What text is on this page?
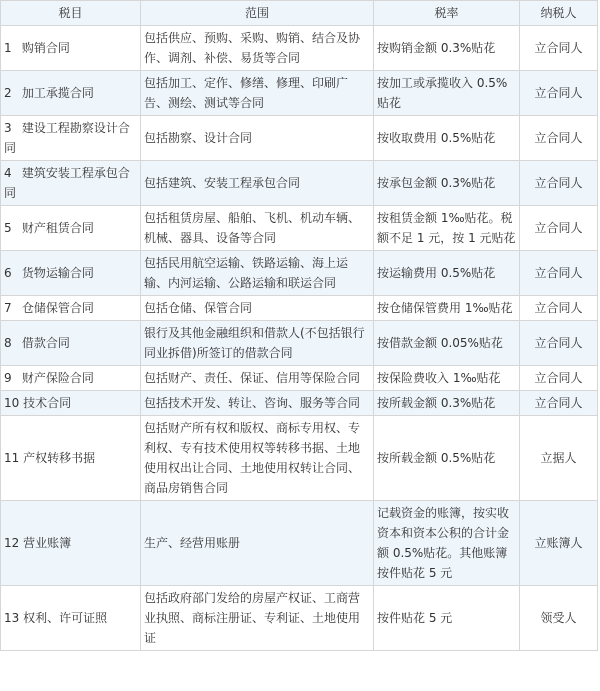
税目	范围	税率	纳税人
1 购销合同	包括供应、预购、采购、购销、结合及协作、调剂、补偿、易货等合同	按购销金额 0.3%贴花	立合同人
2 加工承揽合同	包括加工、定作、修缮、修理、印刷广告、测绘、测试等合同	按加工或承揽收入 0.5%贴花	立合同人
3 建设工程勘察设计合同	包括勘察、设计合同	按收取费用 0.5%贴花	立合同人
4 建筑安装工程承包合同	包括建筑、安装工程承包合同	按承包金额 0.3%贴花	立合同人
5 财产租赁合同	包括租赁房屋、船舶、飞机、机动车辆、机械、器具、设备等合同	按租赁金额 1‰贴花。税额不足 1 元，按 1 元贴花	立合同人
6 货物运输合同	包括民用航空运输、铁路运输、海上运输、内河运输、公路运输和联运合同	按运输费用 0.5%贴花	立合同人
7 仓储保管合同	包括仓储、保管合同	按仓储保管费用 1‰贴花	立合同人
8 借款合同	银行及其他金融组织和借款人(不包括银行同业拆借)所签订的借款合同	按借款金额 0.05%贴花	立合同人
9 财产保险合同	包括财产、责任、保证、信用等保险合同	按保险费收入 1‰贴花	立合同人
10 技术合同	包括技术开发、转让、咨询、服务等合同	按所载金额 0.3%贴花	立合同人
11 产权转移书据	包括财产所有权和版权、商标专用权、专利权、专有技术使用权等转移书据、土地使用权出让合同、土地使用权转让合同、商品房销售合同	按所载金额 0.5%贴花	立据人
12 营业账簿	生产、经营用账册	记载资金的账簿，按实收资本和资本公积的合计金额 0.5%贴花。其他账簿按件贴花 5 元	立账簿人
13 权利、许可证照	包括政府部门发给的房屋产权证、工商营业执照、商标注册证、专利证、土地使用证	按件贴花 5 元	领受人
